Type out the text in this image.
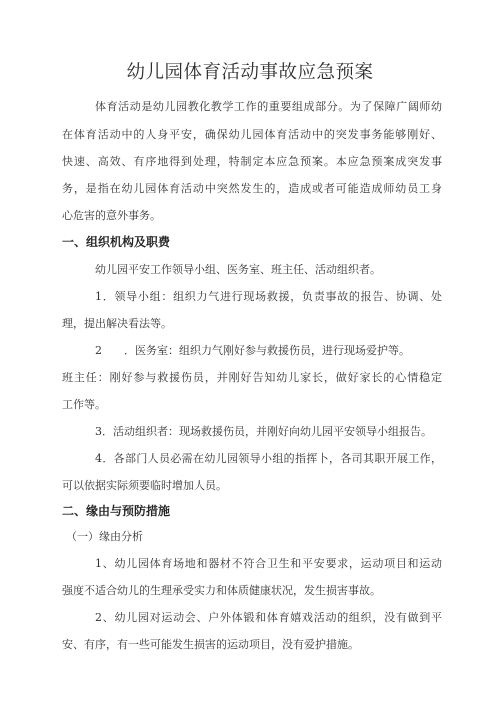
幼儿园体育活动事故应急预案
体育活动是幼儿园教化教学工作的重要组成部分。为了保障广阔师幼
在体育活动中的人身平安，确保幼儿园体育活动中的突发事务能够刚好、
快速、高效、有序地得到处理，特制定本应急预案。本应急预案成突发事
务，是指在幼儿园体育活动中突然发生的，造成或者可能造成师幼员工身
心危害的意外事务。
一、组织机构及职费
幼儿园平安工作领导小组、医务室、班主任、活动组织者。
1．领导小组：组织力气进行现场救援，负责事故的报告、协调、处
理，提出解决看法等。
2　　．医务室：组织力气刚好参与救援伤员，进行现场爱护等。
班主任：刚好参与救援伤员，并刚好告知幼儿家长，做好家长的心情稳定
工作等。
3．活动组织者：现场救援伤员，并刚好向幼儿园平安领导小组报告。
4．各部门人员必需在幼儿园领导小组的指挥卜，各司其职开展工作，
可以依据实际须要临时增加人员。
二、缘由与预防措施
（一）缘由分析
1、幼儿园体育场地和器材不符合卫生和平安要求，运动项目和运动
强度不适合幼儿的生理承受实力和体质健康状况，发生损害事故。
2、幼儿园对运动会、户外体锻和体育嬉戏活动的组织，没有做到平
安、有序，有一些可能发生损害的运动项目，没有爱护措施。
